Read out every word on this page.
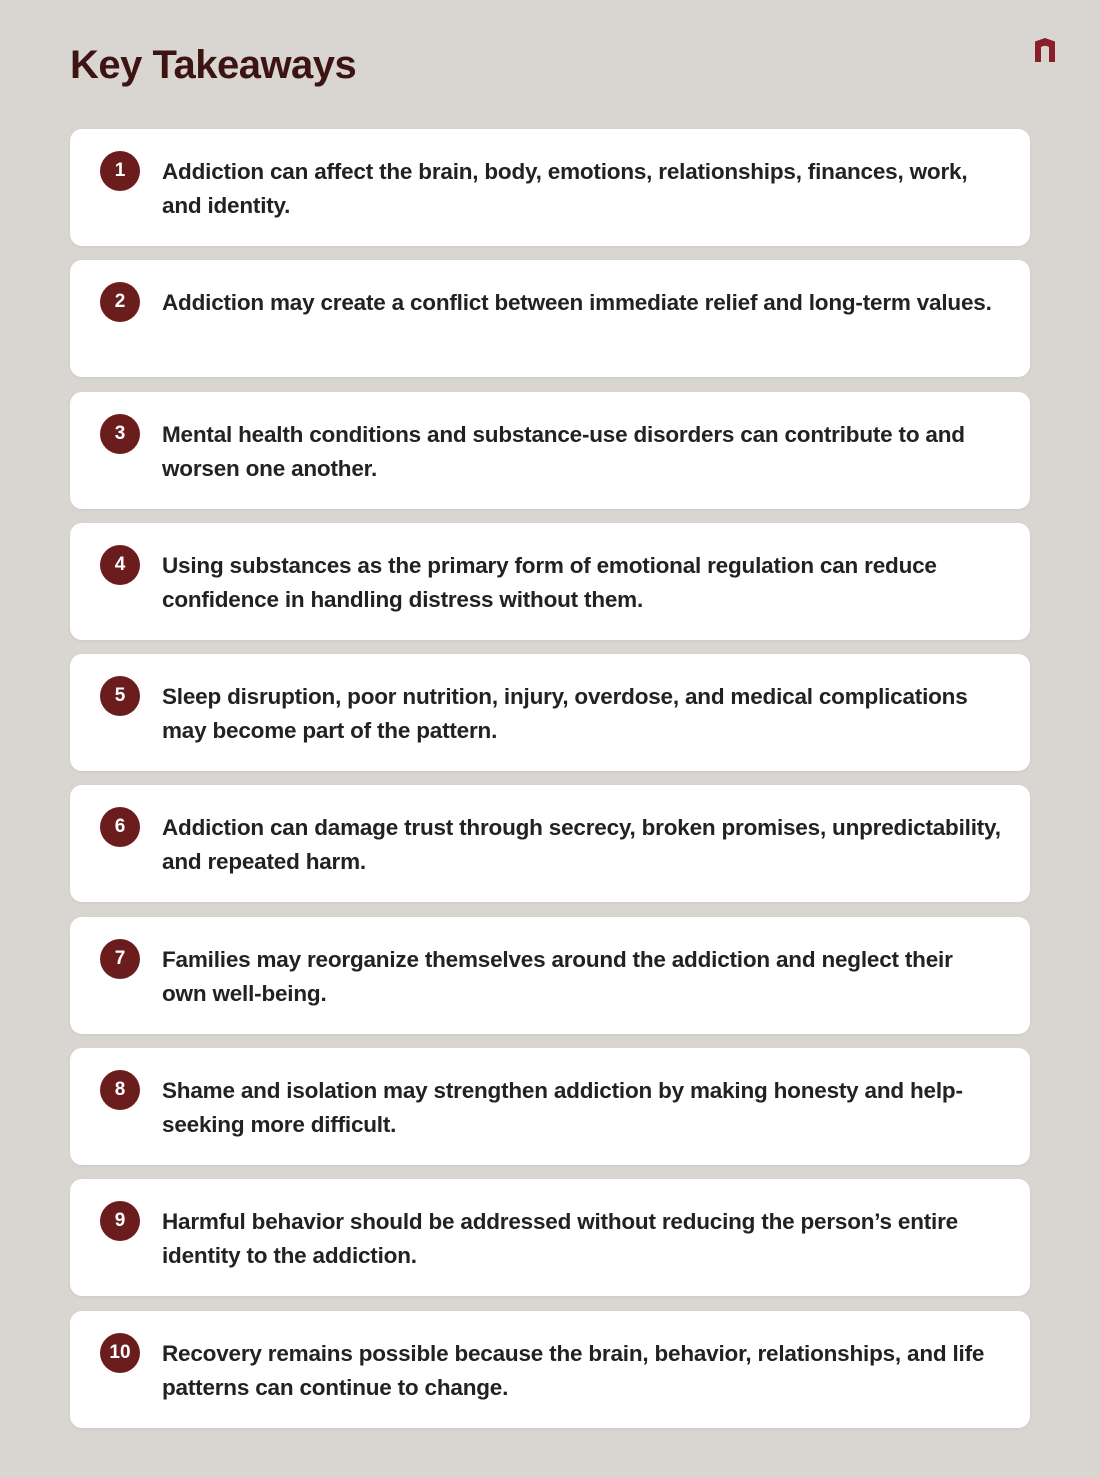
Key Takeaways
1	Addiction can affect the brain, body, emotions, relationships, finances, work, and identity.

2	Addiction may create a conflict between immediate relief and long-term values.

3	Mental health conditions and substance-use disorders can contribute to and worsen one another.

4	Using substances as the primary form of emotional regulation can reduce confidence in handling distress without them.

5	Sleep disruption, poor nutrition, injury, overdose, and medical complications may become part of the pattern.

6	Addiction can damage trust through secrecy, broken promises, unpredictability, and repeated harm.

7	Families may reorganize themselves around the addiction and neglect their own well-being.

8	Shame and isolation may strengthen addiction by making honesty and help-seeking more difficult.

9	Harmful behavior should be addressed without reducing the person’s entire identity to the addiction.

10	Recovery remains possible because the brain, behavior, relationships, and life patterns can continue to change.
